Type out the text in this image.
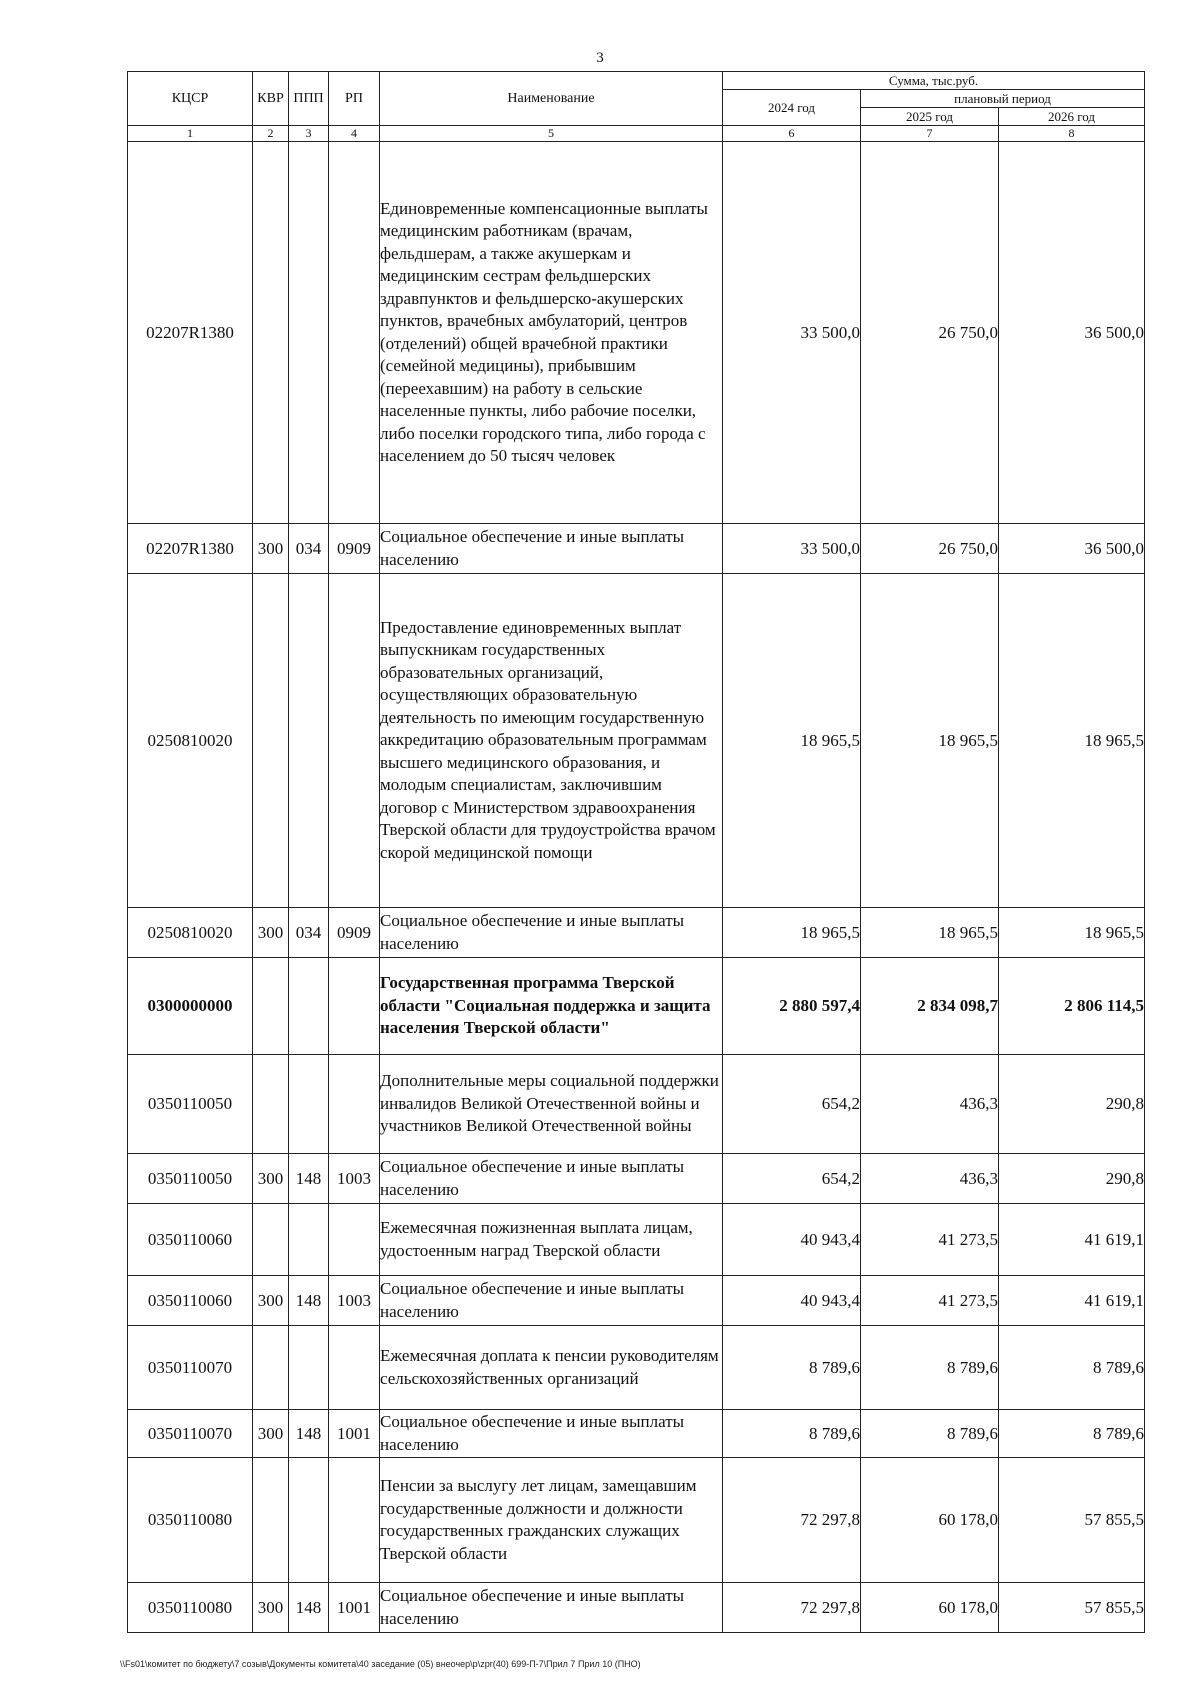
3
КЦСР	КВР	ППП	РП	Наименование	Сумма, тыс.руб.		
					2024 год	плановый период	
						2025 год	2026 год
1	2	3	4	5	6	7	8
02207R1380				Единовременные компенсационные выплаты медицинским работникам (врачам, фельдшерам, а также акушеркам и медицинским сестрам фельдшерских здравпунктов и фельдшерско-акушерских пунктов, врачебных амбулаторий, центров (отделений) общей врачебной практики (семейной медицины), прибывшим (переехавшим) на работу в сельские населенные пункты, либо рабочие поселки, либо поселки городского типа, либо города с населением до 50 тысяч человек	33 500,0	26 750,0	36 500,0
02207R1380	300	034	0909	Социальное обеспечение и иные выплаты населению	33 500,0	26 750,0	36 500,0
0250810020				Предоставление единовременных выплат выпускникам государственных образовательных организаций, осуществляющих образовательную деятельность по имеющим государственную аккредитацию образовательным программам высшего медицинского образования, и молодым специалистам, заключившим договор с Министерством здравоохранения Тверской области для трудоустройства врачом скорой медицинской помощи	18 965,5	18 965,5	18 965,5
0250810020	300	034	0909	Социальное обеспечение и иные выплаты населению	18 965,5	18 965,5	18 965,5
0300000000				Государственная программа Тверской области "Социальная поддержка и защита населения Тверской области"	2 880 597,4	2 834 098,7	2 806 114,5
0350110050				Дополнительные меры социальной поддержки инвалидов Великой Отечественной войны и участников Великой Отечественной войны	654,2	436,3	290,8
0350110050	300	148	1003	Социальное обеспечение и иные выплаты населению	654,2	436,3	290,8
0350110060				Ежемесячная пожизненная выплата лицам, удостоенным наград Тверской области	40 943,4	41 273,5	41 619,1
0350110060	300	148	1003	Социальное обеспечение и иные выплаты населению	40 943,4	41 273,5	41 619,1
0350110070				Ежемесячная доплата к пенсии руководителям сельскохозяйственных организаций	8 789,6	8 789,6	8 789,6
0350110070	300	148	1001	Социальное обеспечение и иные выплаты населению	8 789,6	8 789,6	8 789,6
0350110080				Пенсии за выслугу лет лицам, замещавшим государственные должности и должности государственных гражданских служащих Тверской области	72 297,8	60 178,0	57 855,5
0350110080	300	148	1001	Социальное обеспечение и иные выплаты населению	72 297,8	60 178,0	57 855,5
\\Fs01\комитет по бюджету\7 созыв\Документы комитета\40 заседание (05) внеочер\p\zpr(40) 699-П-7\Прил 7 Прил 10 (ПНО)
